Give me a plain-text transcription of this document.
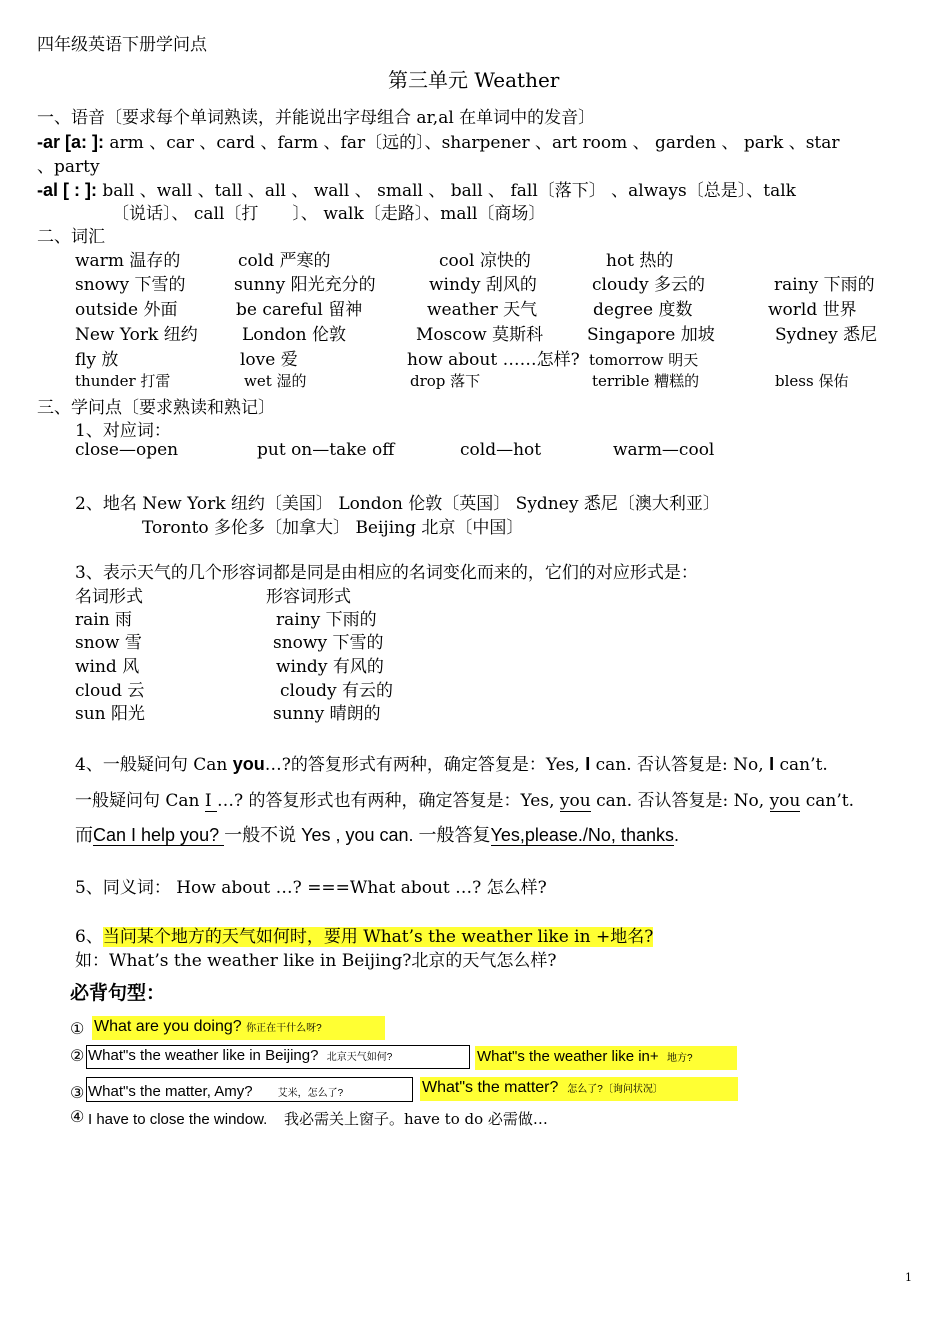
四年级英语下册学问点
第三单元 Weather
一、语音〔要求每个单词熟读，并能说出字母组合 ar,al 在单词中的发音〕
-ar [a: ]: arm 、car 、card 、farm 、far〔远的〕、sharpener 、art room 、 garden 、 park 、star
、party
-al [ : ]: ball 、wall 、tall 、all 、 wall 、 small 、 ball 、 fall〔落下〕 、always〔总是〕、talk
〔说话〕、 call〔打　　〕、 walk〔走路〕、mall〔商场〕
二、词汇
warm 温存的	cold 严寒的	cool 凉快的	hot 热的
snowy 下雪的	sunny 阳光充分的	windy 刮风的	cloudy 多云的	rainy 下雨的
outside 外面	be careful 留神	weather 天气	degree 度数	world 世界
New York 纽约	London 伦敦	Moscow 莫斯科	Singapore 加坡	Sydney 悉尼
fly 放	love 爱	how about ……怎样? tomorrow 明天
thunder 打雷	wet 湿的	drop 落下	terrible 糟糕的	bless 保佑
三、学问点〔要求熟读和熟记〕
1、对应词：
close—open	put on—take off	cold—hot	warm—cool
2、地名 New York 纽约〔美国〕 London 伦敦〔英国〕 Sydney 悉尼〔澳大利亚〕
Toronto 多伦多〔加拿大〕 Beijing 北京〔中国〕
3、表示天气的几个形容词都是同是由相应的名词变化而来的，它们的对应形式是：
名词形式	形容词形式
rain 雨	rainy 下雨的
snow 雪	snowy 下雪的
wind 风	windy 有风的
cloud 云	cloudy 有云的
sun 阳光	sunny 晴朗的
4、一般疑问句 Can you…?的答复形式有两种，确定答复是：Yes, I can. 否认答复是: No, I can’t.
一般疑问句 Can I …? 的答复形式也有两种，确定答复是：Yes, you can. 否认答复是: No, you can’t.
而Can I help you? 一般不说 Yes , you can. 一般答复Yes,please./No, thanks.
5、同义词： How about …? ===What about …? 怎么样?
6、当问某个地方的天气如何时，要用 What’s the weather like in +地名?
如：What’s the weather like in Beijing?北京的天气怎么样?
必背句型：
① What are you doing? 你正在干什么呀?
② What"s the weather like in Beijing? 北京天气如何?	What"s the weather like in+ 地方?
③ What"s the matter, Amy?	艾米，怎么了?	What"s the matter? 怎么了?〔询问状况〕
④ I have to close the window. 我必需关上窗子。have to do 必需做…
1
